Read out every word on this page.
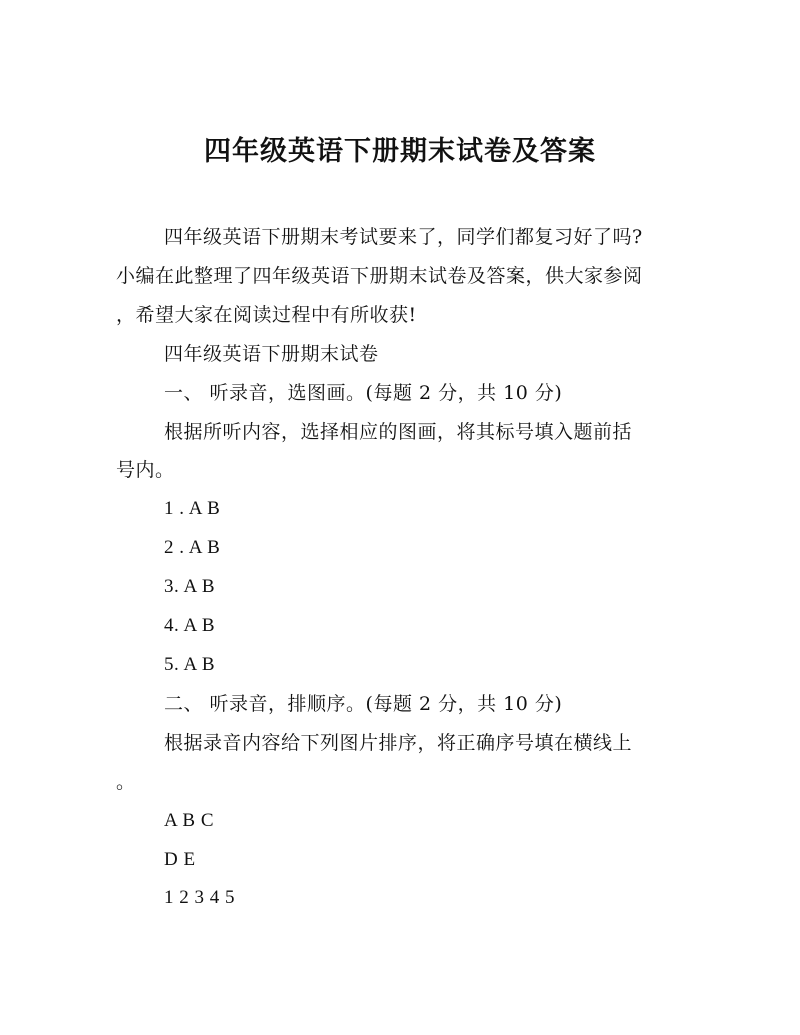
四年级英语下册期末试卷及答案
四年级英语下册期末考试要来了，同学们都复习好了吗?
小编在此整理了四年级英语下册期末试卷及答案，供大家参阅
，希望大家在阅读过程中有所收获!
四年级英语下册期末试卷
一、 听录音，选图画。(每题 2 分，共 10 分)
根据所听内容，选择相应的图画，将其标号填入题前括
号内。
1 . A B
2 . A B
3. A B
4. A B
5. A B
二、 听录音，排顺序。(每题 2 分，共 10 分)
根据录音内容给下列图片排序，将正确序号填在横线上
。
A B C
D E
1 2 3 4 5
